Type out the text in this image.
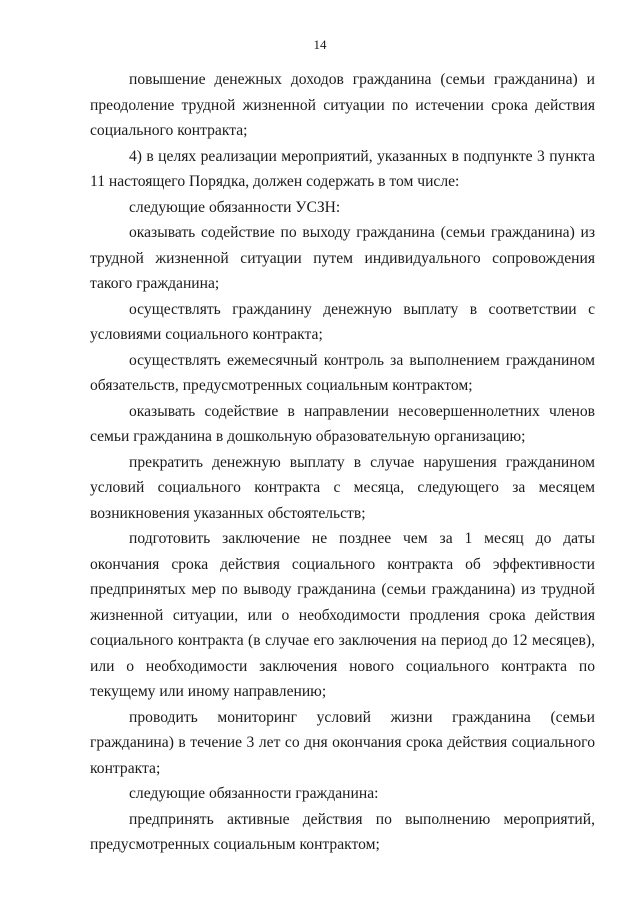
14

повышение денежных доходов гражданина (семьи гражданина) и преодоление трудной жизненной ситуации по истечении срока действия социального контракта;

4) в целях реализации мероприятий, указанных в подпункте 3 пункта 11 настоящего Порядка, должен содержать в том числе:

следующие обязанности УСЗН:

оказывать содействие по выходу гражданина (семьи гражданина) из трудной жизненной ситуации путем индивидуального сопровождения такого гражданина;

осуществлять гражданину денежную выплату в соответствии с условиями социального контракта;

осуществлять ежемесячный контроль за выполнением гражданином обязательств, предусмотренных социальным контрактом;

оказывать содействие в направлении несовершеннолетних членов семьи гражданина в дошкольную образовательную организацию;

прекратить денежную выплату в случае нарушения гражданином условий социального контракта с месяца, следующего за месяцем возникновения указанных обстоятельств;

подготовить заключение не позднее чем за 1 месяц до даты окончания срока действия социального контракта об эффективности предпринятых мер по выводу гражданина (семьи гражданина) из трудной жизненной ситуации, или о необходимости продления срока действия социального контракта (в случае его заключения на период до 12 месяцев), или о необходимости заключения нового социального контракта по текущему или иному направлению;

проводить мониторинг условий жизни гражданина (семьи гражданина) в течение 3 лет со дня окончания срока действия социального контракта;

следующие обязанности гражданина:

предпринять активные действия по выполнению мероприятий, предусмотренных социальным контрактом;
